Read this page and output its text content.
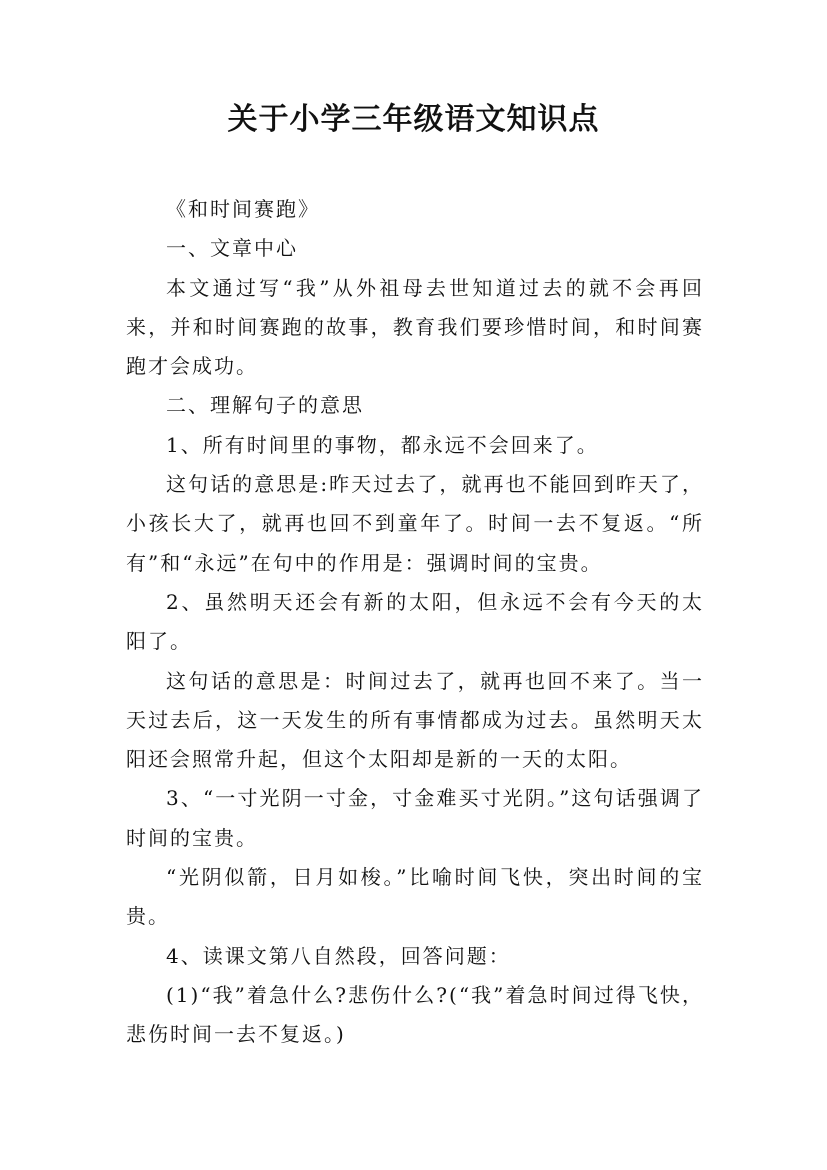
关于小学三年级语文知识点

《和时间赛跑》

一、文章中心

本文通过写“我”从外祖母去世知道过去的就不会再回来，并和时间赛跑的故事，教育我们要珍惜时间，和时间赛跑才会成功。

二、理解句子的意思

1、所有时间里的事物，都永远不会回来了。

这句话的意思是:昨天过去了，就再也不能回到昨天了，小孩长大了，就再也回不到童年了。时间一去不复返。“所有”和“永远”在句中的作用是：强调时间的宝贵。

2、虽然明天还会有新的太阳，但永远不会有今天的太阳了。

这句话的意思是：时间过去了，就再也回不来了。当一天过去后，这一天发生的所有事情都成为过去。虽然明天太阳还会照常升起，但这个太阳却是新的一天的太阳。

3、“一寸光阴一寸金，寸金难买寸光阴。”这句话强调了时间的宝贵。

“光阴似箭，日月如梭。”比喻时间飞快，突出时间的宝贵。

4、读课文第八自然段，回答问题：

(1)“我”着急什么?悲伤什么?(“我”着急时间过得飞快，悲伤时间一去不复返。)
